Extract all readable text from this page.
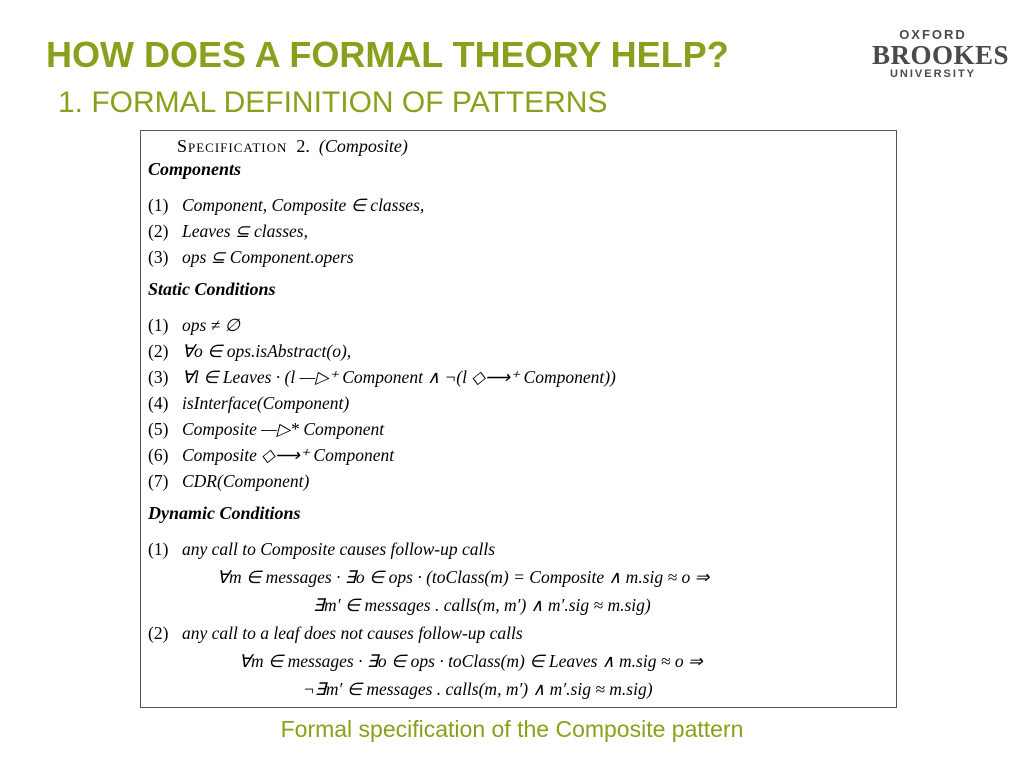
HOW DOES A FORMAL THEORY HELP?
1. FORMAL DEFINITION OF PATTERNS
OXFORD
BROOKES
UNIVERSITY
Specification 2. (Composite)
Components
(1) Component, Composite ∈ classes,
(2) Leaves ⊆ classes,
(3) ops ⊆ Component.opers
Static Conditions
(1) ops ≠ ∅
(2) ∀o ∈ ops.isAbstract(o),
(3) ∀l ∈ Leaves · (l —▷⁺ Component ∧ ¬(l ◇⟶⁺ Component))
(4) isInterface(Component)
(5) Composite —▷* Component
(6) Composite ◇⟶⁺ Component
(7) CDR(Component)
Dynamic Conditions
(1) any call to Composite causes follow-up calls
∀m ∈ messages · ∃o ∈ ops · (toClass(m) = Composite ∧ m.sig ≈ o ⇒
∃m′ ∈ messages . calls(m, m′) ∧ m′.sig ≈ m.sig)
(2) any call to a leaf does not causes follow-up calls
∀m ∈ messages · ∃o ∈ ops · toClass(m) ∈ Leaves ∧ m.sig ≈ o ⇒
¬∃m′ ∈ messages . calls(m, m′) ∧ m′.sig ≈ m.sig)
Formal specification of the Composite pattern
